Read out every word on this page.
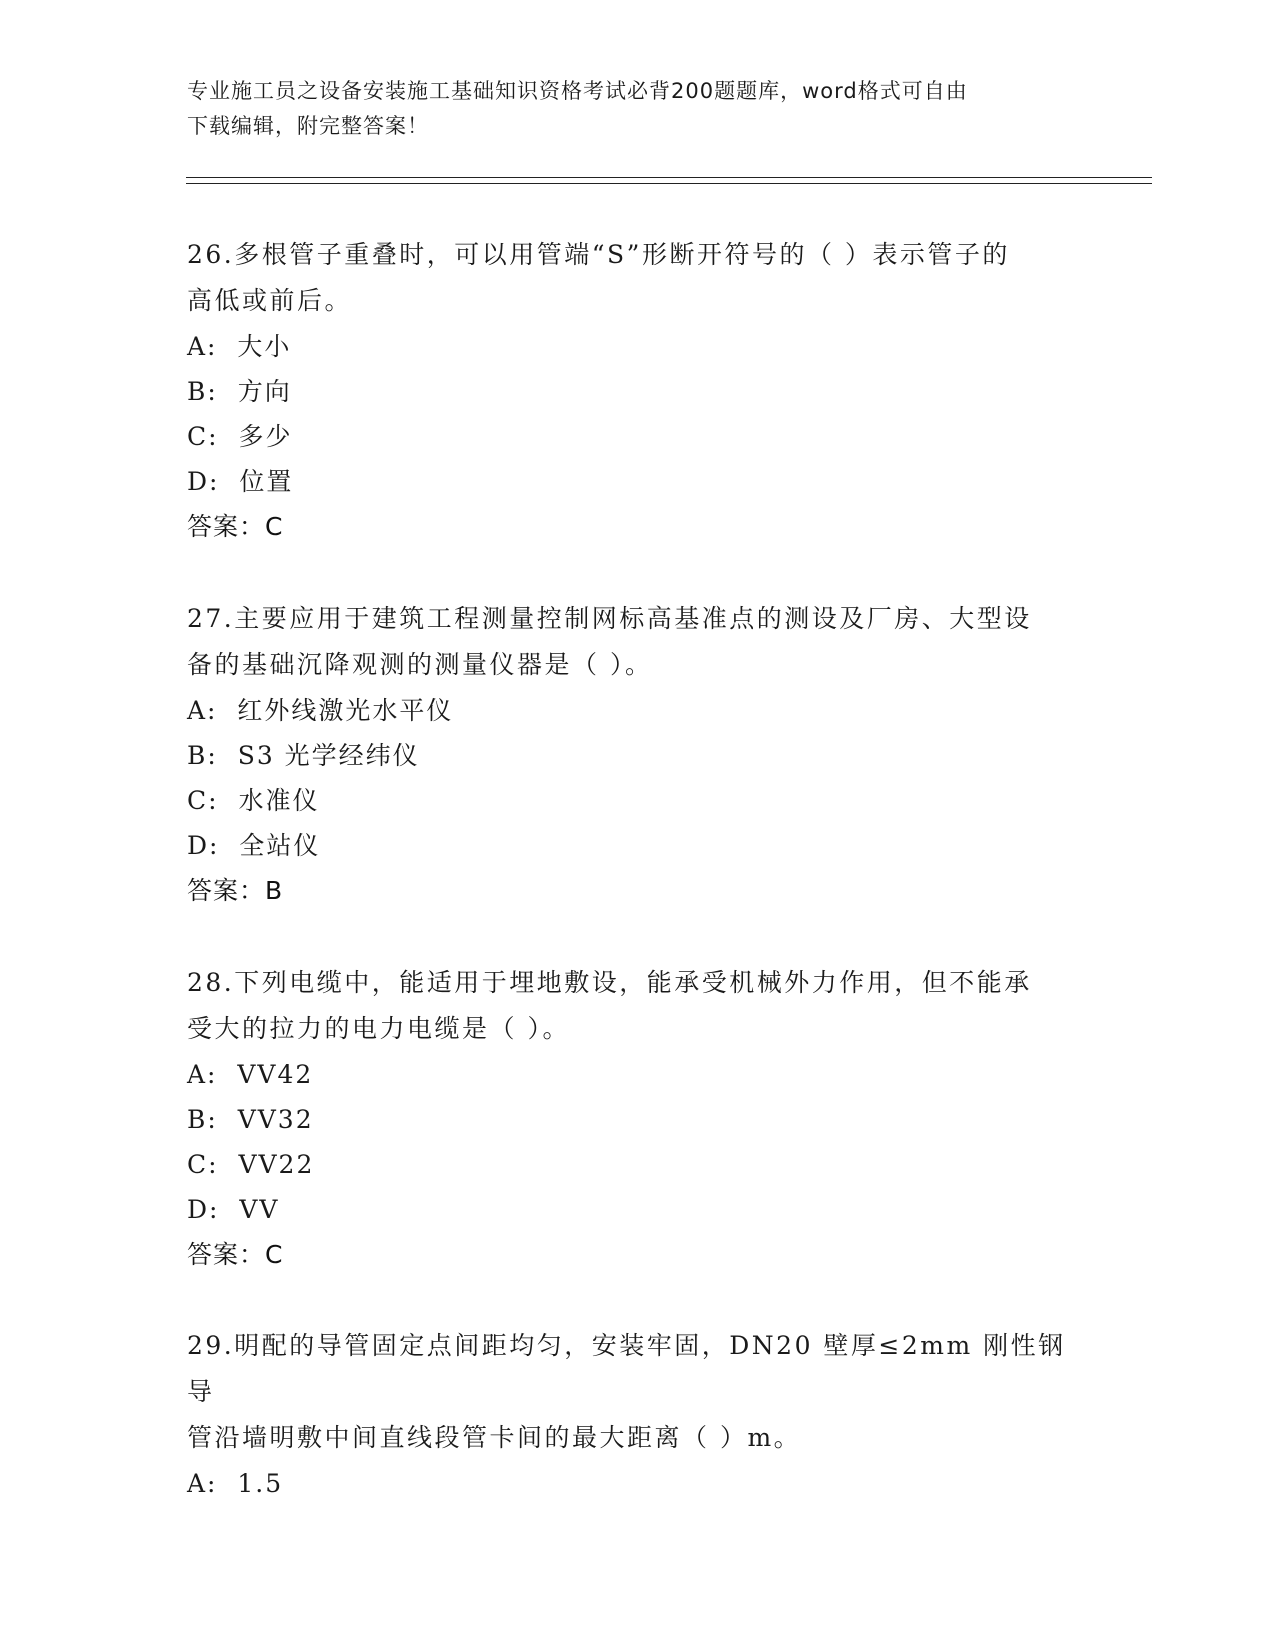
专业施工员之设备安装施工基础知识资格考试必背200题题库，word格式可自由
下载编辑，附完整答案！

26.多根管子重叠时，可以用管端“S”形断开符号的（ ）表示管子的

高低或前后。

A:  大小

B:  方向

C:  多少

D:  位置

答案：C

27.主要应用于建筑工程测量控制网标高基准点的测设及厂房、大型设

备的基础沉降观测的测量仪器是（ ）。

A:  红外线激光水平仪

B:  S3 光学经纬仪

C:  水准仪

D:  全站仪

答案：B

28.下列电缆中，能适用于埋地敷设，能承受机械外力作用，但不能承

受大的拉力的电力电缆是（ ）。

A:  VV42

B:  VV32

C:  VV22

D:  VV

答案：C

29.明配的导管固定点间距均匀，安装牢固，DN20 壁厚≤2mm 刚性钢导

管沿墙明敷中间直线段管卡间的最大距离（ ）m。

A:  1.5
